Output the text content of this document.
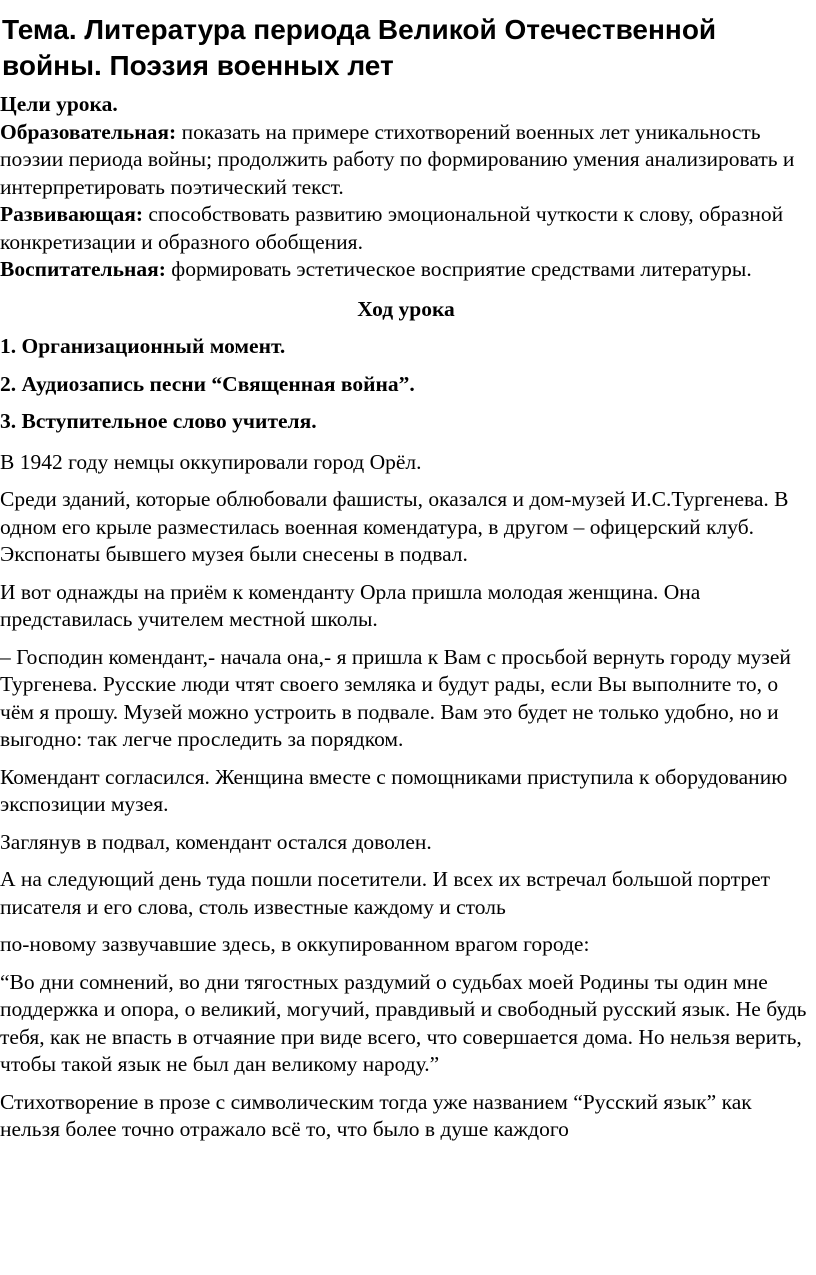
Тема. Литература периода Великой Отечественной войны. Поэзия военных лет

Цели урока.

Образовательная: показать на примере стихотворений военных лет уникальность поэзии периода войны; продолжить работу по формированию умения анализировать и интерпретировать поэтический текст.

Развивающая: способствовать развитию эмоциональной чуткости к слову, образной конкретизации и образного обобщения.

Воспитательная: формировать эстетическое восприятие средствами литературы.

Ход урока

1. Организационный момент.

2. Аудиозапись песни “Священная война”.

3. Вступительное слово учителя.

В 1942 году немцы оккупировали город Орёл.

Среди зданий, которые облюбовали фашисты, оказался и дом-музей И.С.Тургенева. В одном его крыле разместилась военная комендатура, в другом – офицерский клуб. Экспонаты бывшего музея были снесены в подвал.

И вот однажды на приём к коменданту Орла пришла молодая женщина. Она представилась учителем местной школы.

– Господин комендант,- начала она,- я пришла к Вам с просьбой вернуть городу музей Тургенева. Русские люди чтят своего земляка и будут рады, если Вы выполните то, о чём я прошу. Музей можно устроить в подвале. Вам это будет не только удобно, но и выгодно: так легче проследить за порядком.

Комендант согласился. Женщина вместе с помощниками приступила к оборудованию экспозиции музея.

Заглянув в подвал, комендант остался доволен.

А на следующий день туда пошли посетители. И всех их встречал большой портрет писателя и его слова, столь известные каждому и столь

по-новому зазвучавшие здесь, в оккупированном врагом городе:

“Во дни сомнений, во дни тягостных раздумий о судьбах моей Родины ты один мне поддержка и опора, о великий, могучий, правдивый и свободный русский язык. Не будь тебя, как не впасть в отчаяние при виде всего, что совершается дома. Но нельзя верить, чтобы такой язык не был дан великому народу.”

Стихотворение в прозе с символическим тогда уже названием “Русский язык” как нельзя более точно отражало всё то, что было в душе каждого
